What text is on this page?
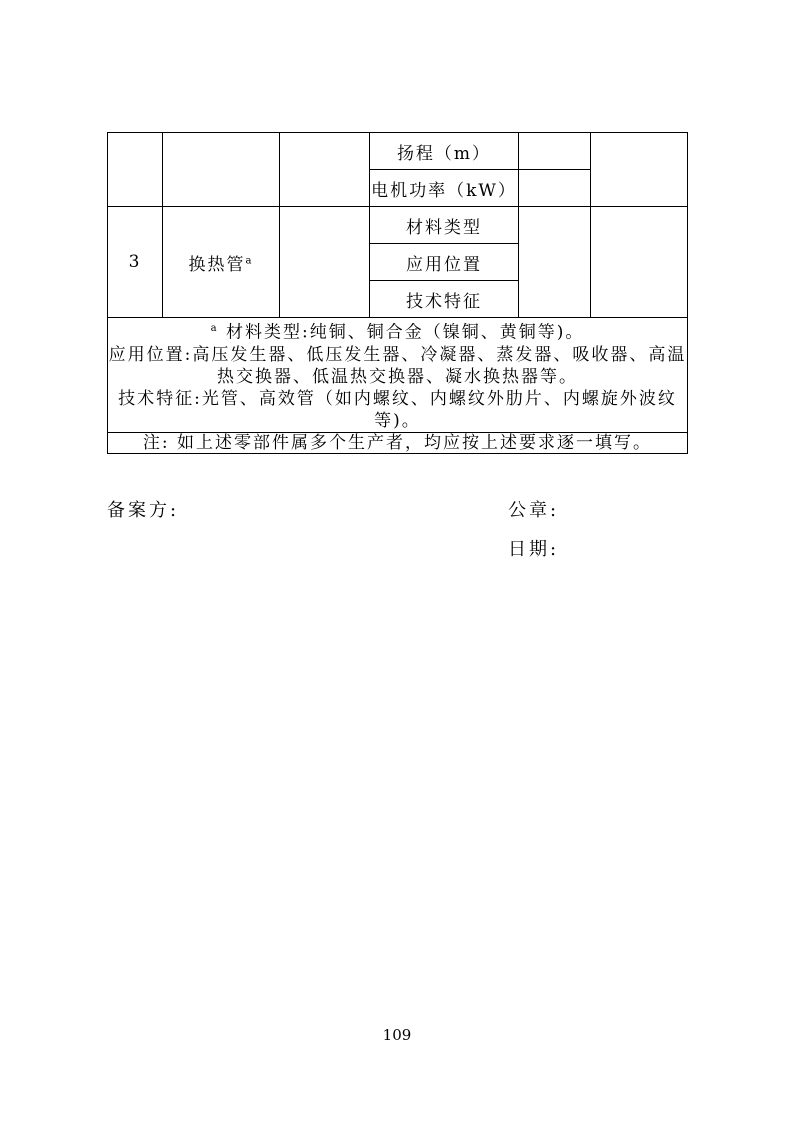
			扬程（m）		
			电机功率（kW）		
3	换热管$^a$		材料类型		
			应用位置		
			技术特征		

$^a$ 材料类型:纯铜、铜合金（镍铜、黄铜等)。
应用位置:高压发生器、低压发生器、冷凝器、蒸发器、吸收器、高温热交换器、低温热交换器、凝水换热器等。
技术特征:光管、高效管（如内螺纹、内螺纹外肋片、内螺旋外波纹等)。					

注: 如上述零部件属多个生产者，均应按上述要求逐一填写。					
备案方:	公章:
日期:
109
